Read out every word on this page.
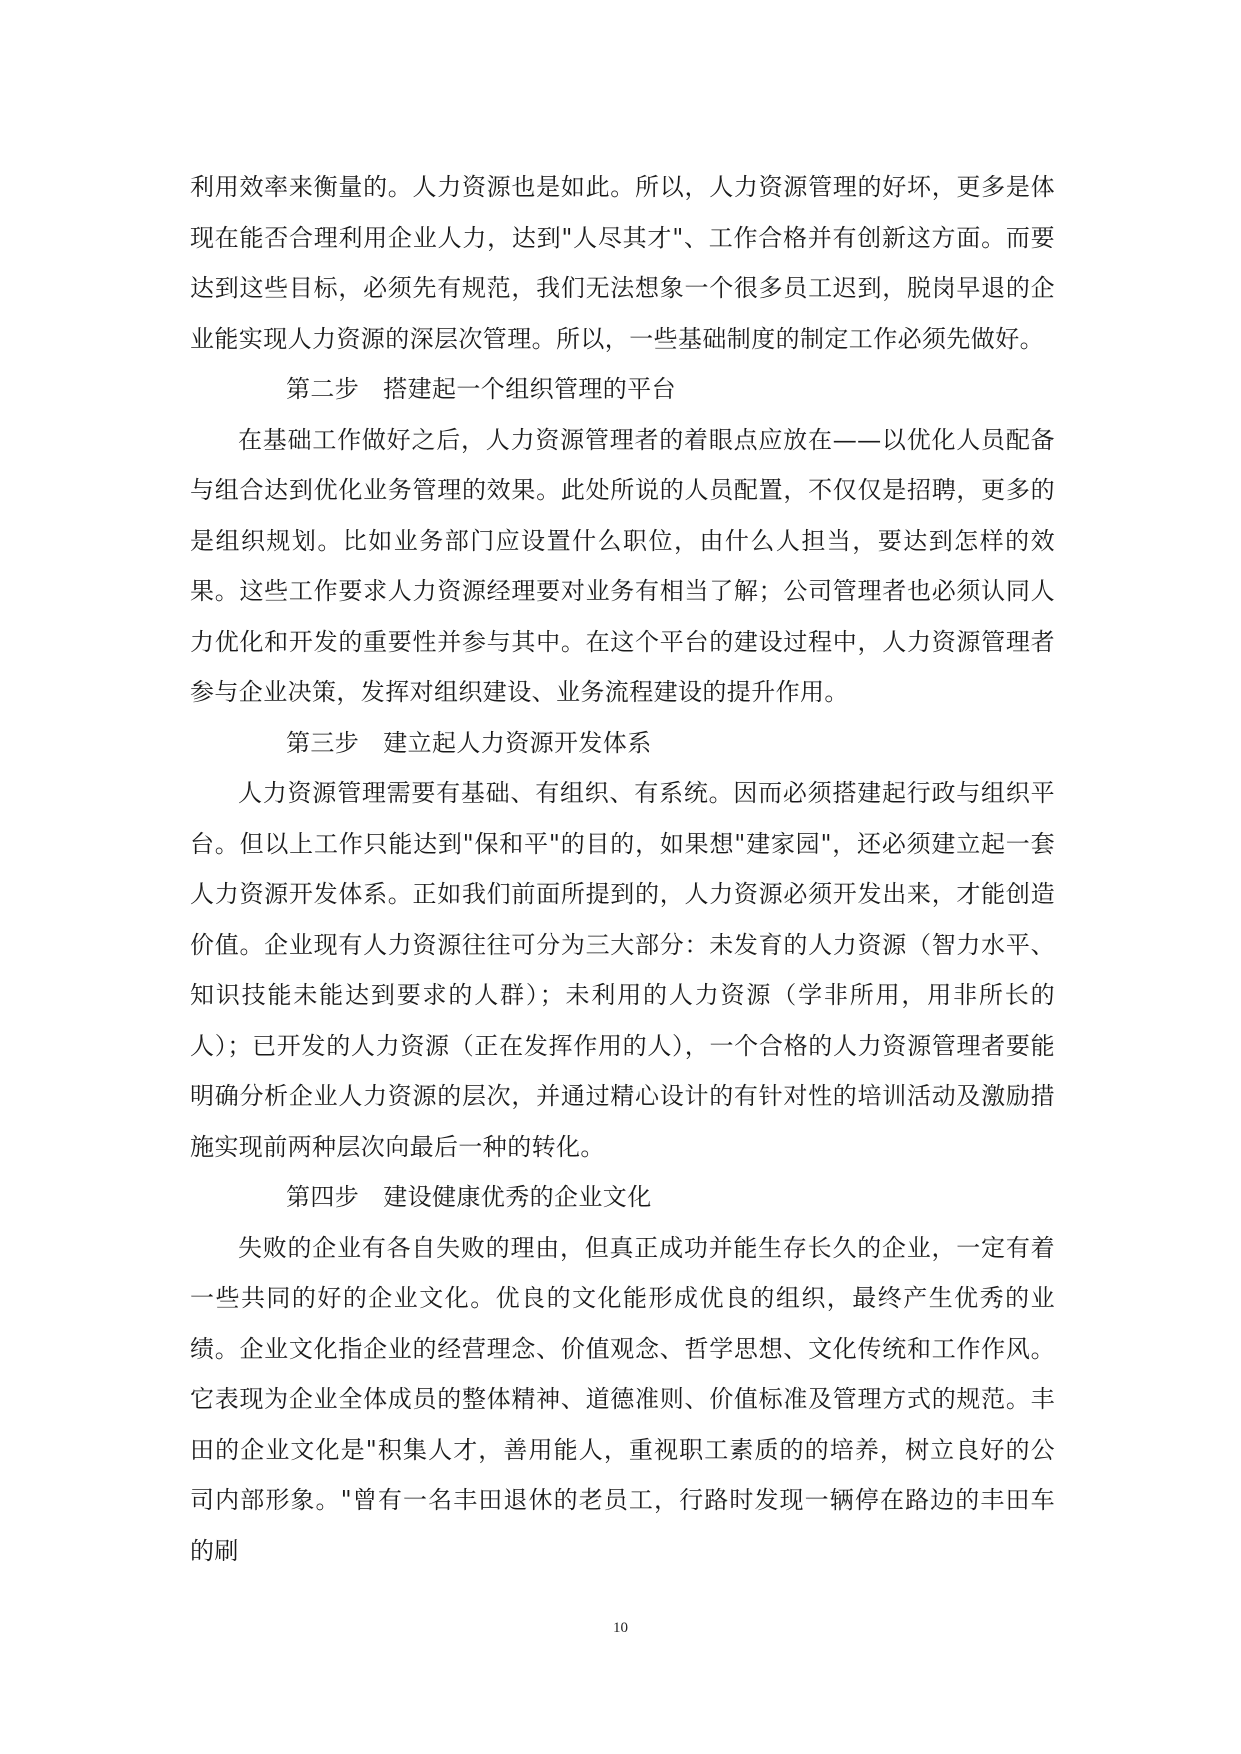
利用效率来衡量的。人力资源也是如此。所以，人力资源管理的好坏，更多是体现在能否合理利用企业人力，达到"人尽其才"、工作合格并有创新这方面。而要达到这些目标，必须先有规范，我们无法想象一个很多员工迟到，脱岗早退的企业能实现人力资源的深层次管理。所以，一些基础制度的制定工作必须先做好。

第二步 搭建起一个组织管理的平台

在基础工作做好之后，人力资源管理者的着眼点应放在——以优化人员配备与组合达到优化业务管理的效果。此处所说的人员配置，不仅仅是招聘，更多的是组织规划。比如业务部门应设置什么职位，由什么人担当，要达到怎样的效果。这些工作要求人力资源经理要对业务有相当了解；公司管理者也必须认同人力优化和开发的重要性并参与其中。在这个平台的建设过程中，人力资源管理者参与企业决策，发挥对组织建设、业务流程建设的提升作用。

第三步 建立起人力资源开发体系

人力资源管理需要有基础、有组织、有系统。因而必须搭建起行政与组织平台。但以上工作只能达到"保和平"的目的，如果想"建家园"，还必须建立起一套人力资源开发体系。正如我们前面所提到的，人力资源必须开发出来，才能创造价值。企业现有人力资源往往可分为三大部分：未发育的人力资源（智力水平、知识技能未能达到要求的人群）；未利用的人力资源（学非所用，用非所长的人）；已开发的人力资源（正在发挥作用的人），一个合格的人力资源管理者要能明确分析企业人力资源的层次，并通过精心设计的有针对性的培训活动及激励措施实现前两种层次向最后一种的转化。

第四步 建设健康优秀的企业文化

失败的企业有各自失败的理由，但真正成功并能生存长久的企业，一定有着一些共同的好的企业文化。优良的文化能形成优良的组织，最终产生优秀的业绩。企业文化指企业的经营理念、价值观念、哲学思想、文化传统和工作作风。它表现为企业全体成员的整体精神、道德准则、价值标准及管理方式的规范。丰田的企业文化是"积集人才，善用能人，重视职工素质的的培养，树立良好的公司内部形象。"曾有一名丰田退休的老员工，行路时发现一辆停在路边的丰田车的刷

10
